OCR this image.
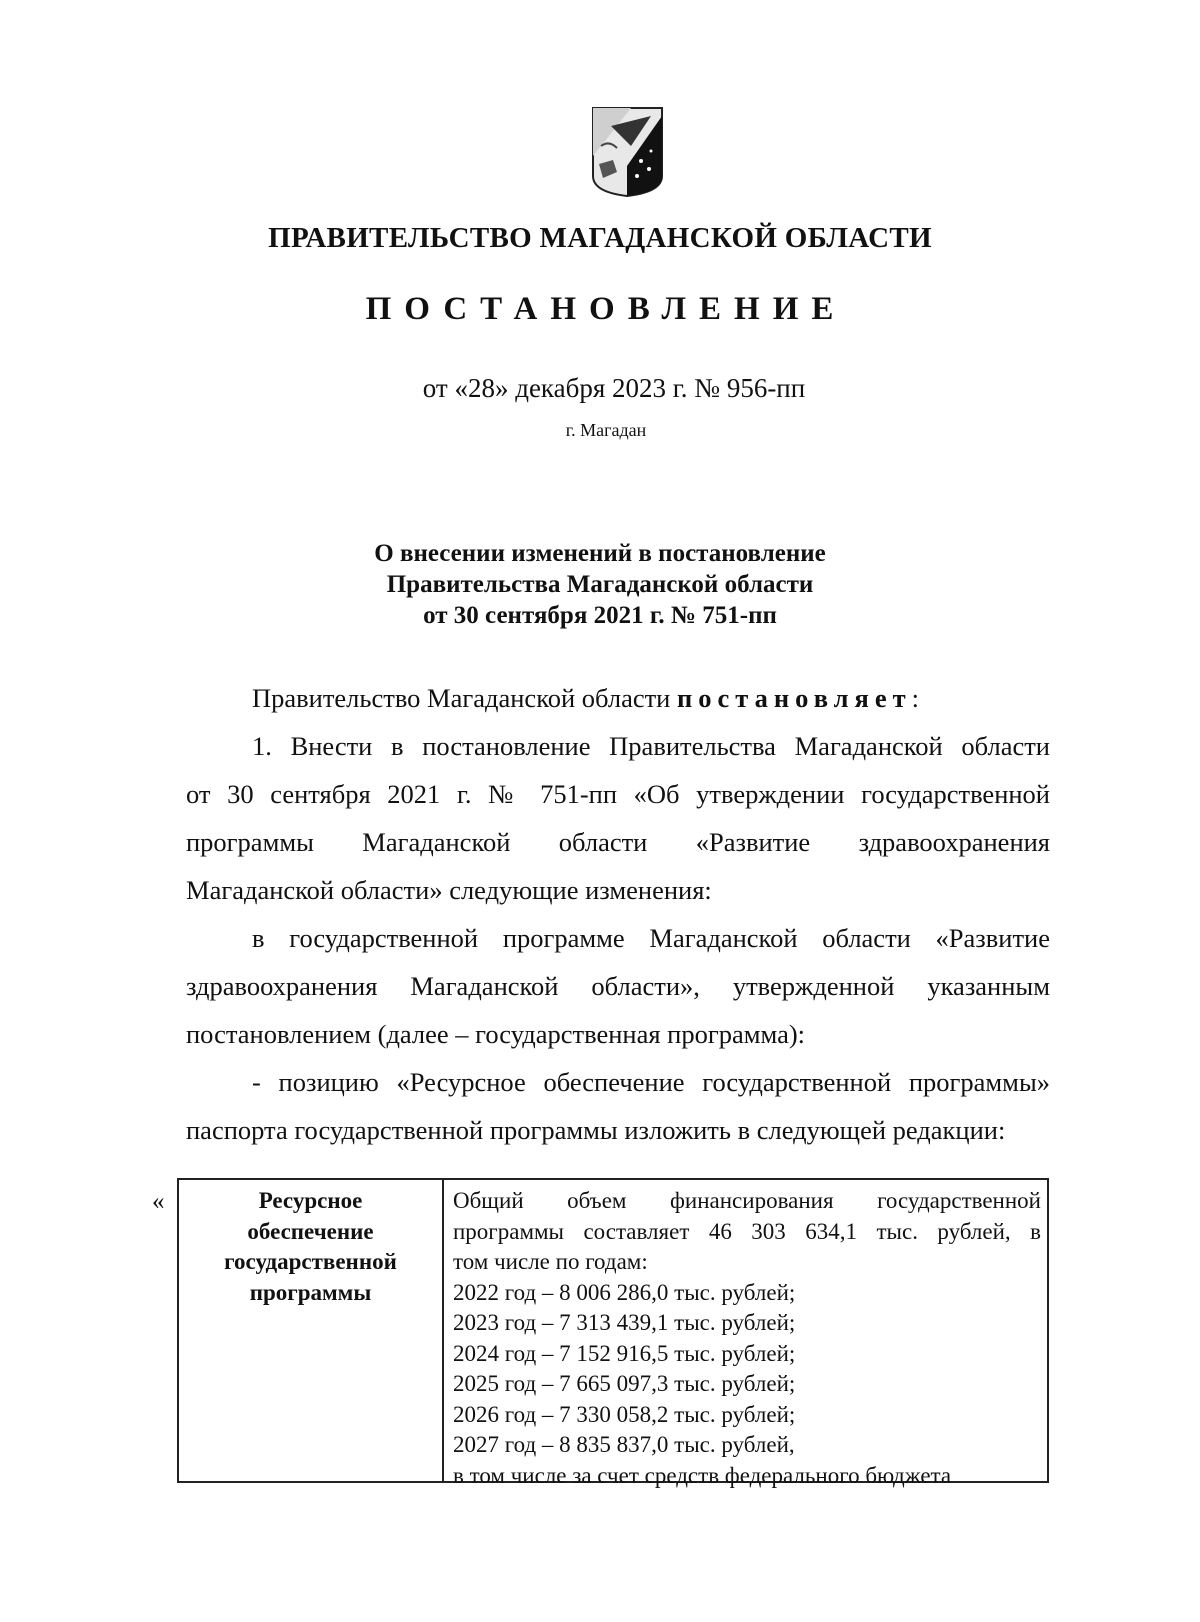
ПРАВИТЕЛЬСТВО МАГАДАНСКОЙ ОБЛАСТИ
ПОСТАНОВЛЕНИЕ
от «28» декабря 2023 г. № 956-пп
г. Магадан
О внесении изменений в постановление
Правительства Магаданской области
от 30 сентября 2021 г. № 751-пп
Правительство Магаданской области постановляет:
1. Внести в постановление Правительства Магаданской области
от 30 сентября 2021 г. № 751-пп «Об утверждении государственной
программы Магаданской области «Развитие здравоохранения
Магаданской области» следующие изменения:
в государственной программе Магаданской области «Развитие
здравоохранения Магаданской области», утвержденной указанным
постановлением (далее – государственная программа):
- позицию «Ресурсное обеспечение государственной программы»
паспорта государственной программы изложить в следующей редакции:
«	Ресурсное
обеспечение
государственной
программы
Общий объем финансирования государственной
программы составляет 46 303 634,1 тыс. рублей, в
том числе по годам:
2022 год – 8 006 286,0 тыс. рублей;
2023 год – 7 313 439,1 тыс. рублей;
2024 год – 7 152 916,5 тыс. рублей;
2025 год – 7 665 097,3 тыс. рублей;
2026 год – 7 330 058,2 тыс. рублей;
2027 год – 8 835 837,0 тыс. рублей,
в том числе за счет средств федерального бюджета
